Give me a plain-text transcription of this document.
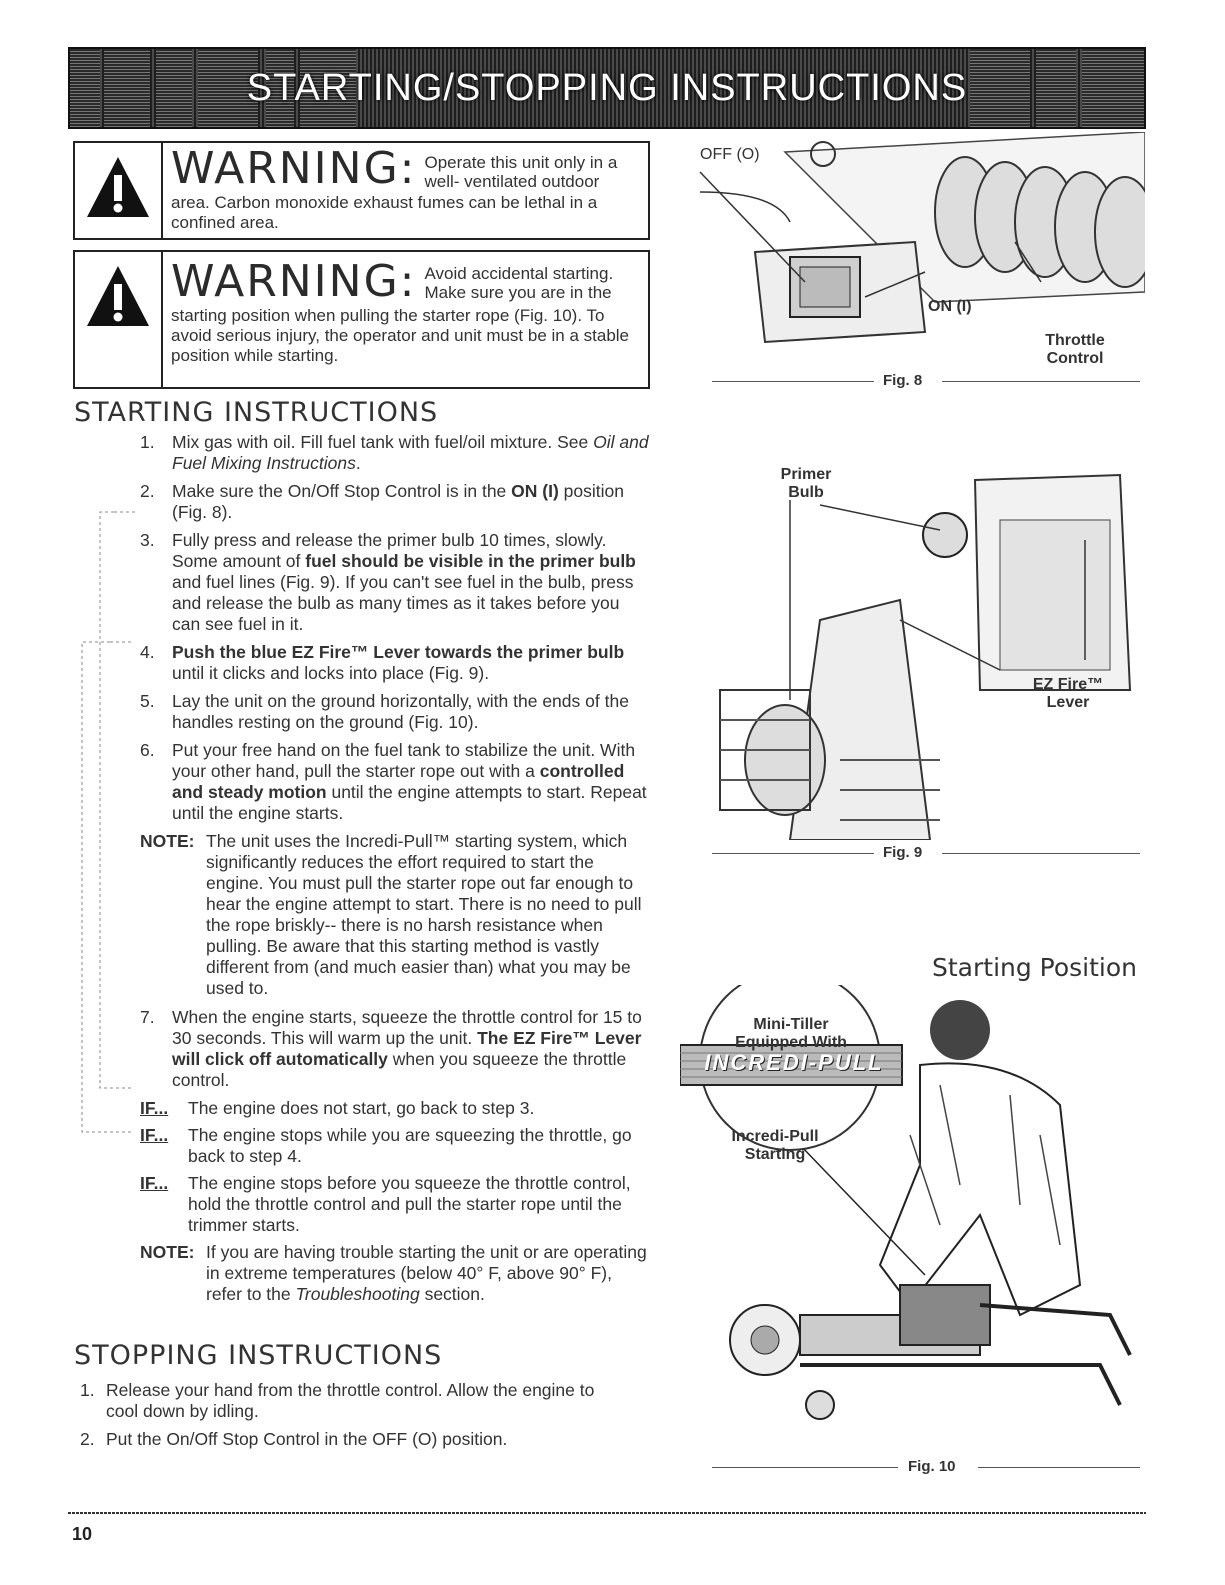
STARTING/STOPPING INSTRUCTIONS
WARNING: Operate this unit only in a well- ventilated outdoor
area. Carbon monoxide exhaust fumes can be lethal in a confined area.
WARNING: Avoid accidental starting. Make sure you are in the
starting position when pulling the starter rope (Fig. 10). To avoid serious injury, the operator and unit must be in a stable position while starting.
STARTING INSTRUCTIONS
1. Mix gas with oil. Fill fuel tank with fuel/oil mixture. See Oil and Fuel Mixing Instructions.
2. Make sure the On/Off Stop Control is in the ON (I) position (Fig. 8).
3. Fully press and release the primer bulb 10 times, slowly. Some amount of fuel should be visible in the primer bulb and fuel lines (Fig. 9). If you can't see fuel in the bulb, press and release the bulb as many times as it takes before you can see fuel in it.
4. Push the blue EZ Fire™ Lever towards the primer bulb until it clicks and locks into place (Fig. 9).
5. Lay the unit on the ground horizontally, with the ends of the handles resting on the ground (Fig. 10).
6. Put your free hand on the fuel tank to stabilize the unit. With your other hand, pull the starter rope out with a controlled and steady motion until the engine attempts to start. Repeat until the engine starts.
NOTE: The unit uses the Incredi-Pull™ starting system, which significantly reduces the effort required to start the engine. You must pull the starter rope out far enough to hear the engine attempt to start. There is no need to pull the rope briskly-- there is no harsh resistance when pulling. Be aware that this starting method is vastly different from (and much easier than) what you may be used to.
7. When the engine starts, squeeze the throttle control for 15 to 30 seconds. This will warm up the unit. The EZ Fire™ Lever will click off automatically when you squeeze the throttle control.
IF... The engine does not start, go back to step 3.
IF... The engine stops while you are squeezing the throttle, go back to step 4.
IF... The engine stops before you squeeze the throttle control, hold the throttle control and pull the starter rope until the trimmer starts.
NOTE: If you are having trouble starting the unit or are operating in extreme temperatures (below 40° F, above 90° F), refer to the Troubleshooting section.
STOPPING INSTRUCTIONS
1. Release your hand from the throttle control. Allow the engine to cool down by idling.
2. Put the On/Off Stop Control in the OFF (O) position.
OFF (O)
ON (I)
Throttle Control
Fig. 8
Primer Bulb
EZ Fire™ Lever
Fig. 9
Starting Position
Mini-Tiller Equipped With
INCREDI-PULL
Incredi-Pull Starting
Fig. 10
10
